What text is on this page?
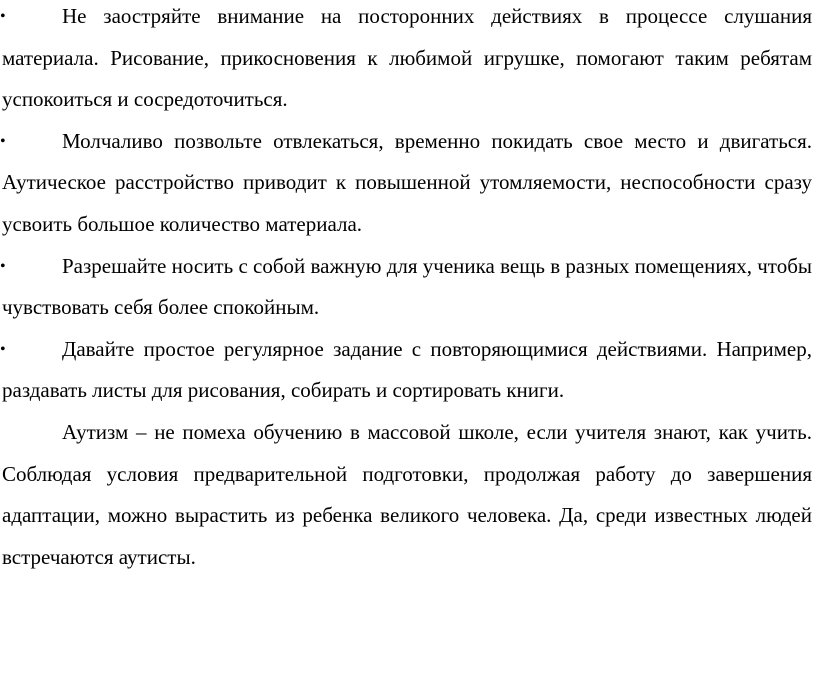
•	Не заостряйте внимание на посторонних действиях в процессе слушания материала. Рисование, прикосновения к любимой игрушке, помогают таким ребятам успокоиться и сосредоточиться.

•	Молчаливо позвольте отвлекаться, временно покидать свое место и двигаться. Аутическое расстройство приводит к повышенной утомляемости, неспособности сразу усвоить большое количество материала.

•	Разрешайте носить с собой важную для ученика вещь в разных помещениях, чтобы чувствовать себя более спокойным.

•	Давайте простое регулярное задание с повторяющимися действиями. Например, раздавать листы для рисования, собирать и сортировать книги.

Аутизм – не помеха обучению в массовой школе, если учителя знают, как учить. Соблюдая условия предварительной подготовки, продолжая работу до завершения адаптации, можно вырастить из ребенка великого человека. Да, среди известных людей встречаются аутисты.
